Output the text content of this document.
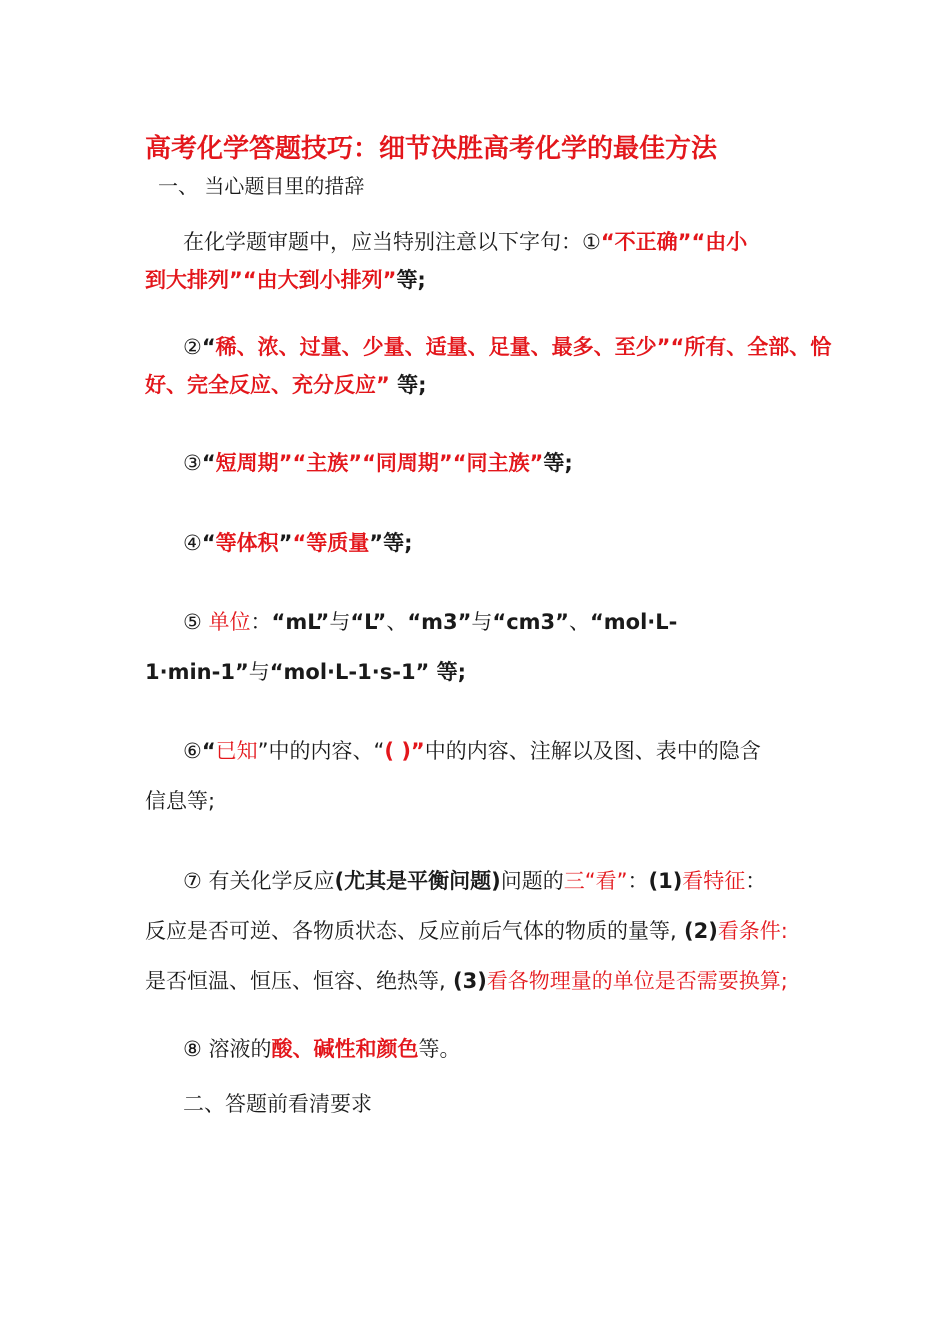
高考化学答题技巧：细节决胜高考化学的最佳方法
一、 当心题目里的措辞
在化学题审题中，应当特别注意以下字句：①“不正确”“由小
到大排列”“由大到小排列”等;
②“稀、浓、过量、少量、适量、足量、最多、至少”“所有、全部、恰
好、完全反应、充分反应” 等;
③“短周期”“主族”“同周期”“同主族”等;
④“等体积”“等质量”等;
⑤ 单位：“mL”与“L”、“m3”与“cm3”、“mol·L-
1·min-1”与“mol·L-1·s-1” 等;
⑥“已知”中的内容、“( )”中的内容、注解以及图、表中的隐含
信息等;
⑦ 有关化学反应(尤其是平衡问题)问题的三“看”：(1)看特征：
反应是否可逆、各物质状态、反应前后气体的物质的量等, (2)看条件:
是否恒温、恒压、恒容、绝热等, (3)看各物理量的单位是否需要换算;
⑧ 溶液的酸、碱性和颜色等。
二、答题前看清要求
